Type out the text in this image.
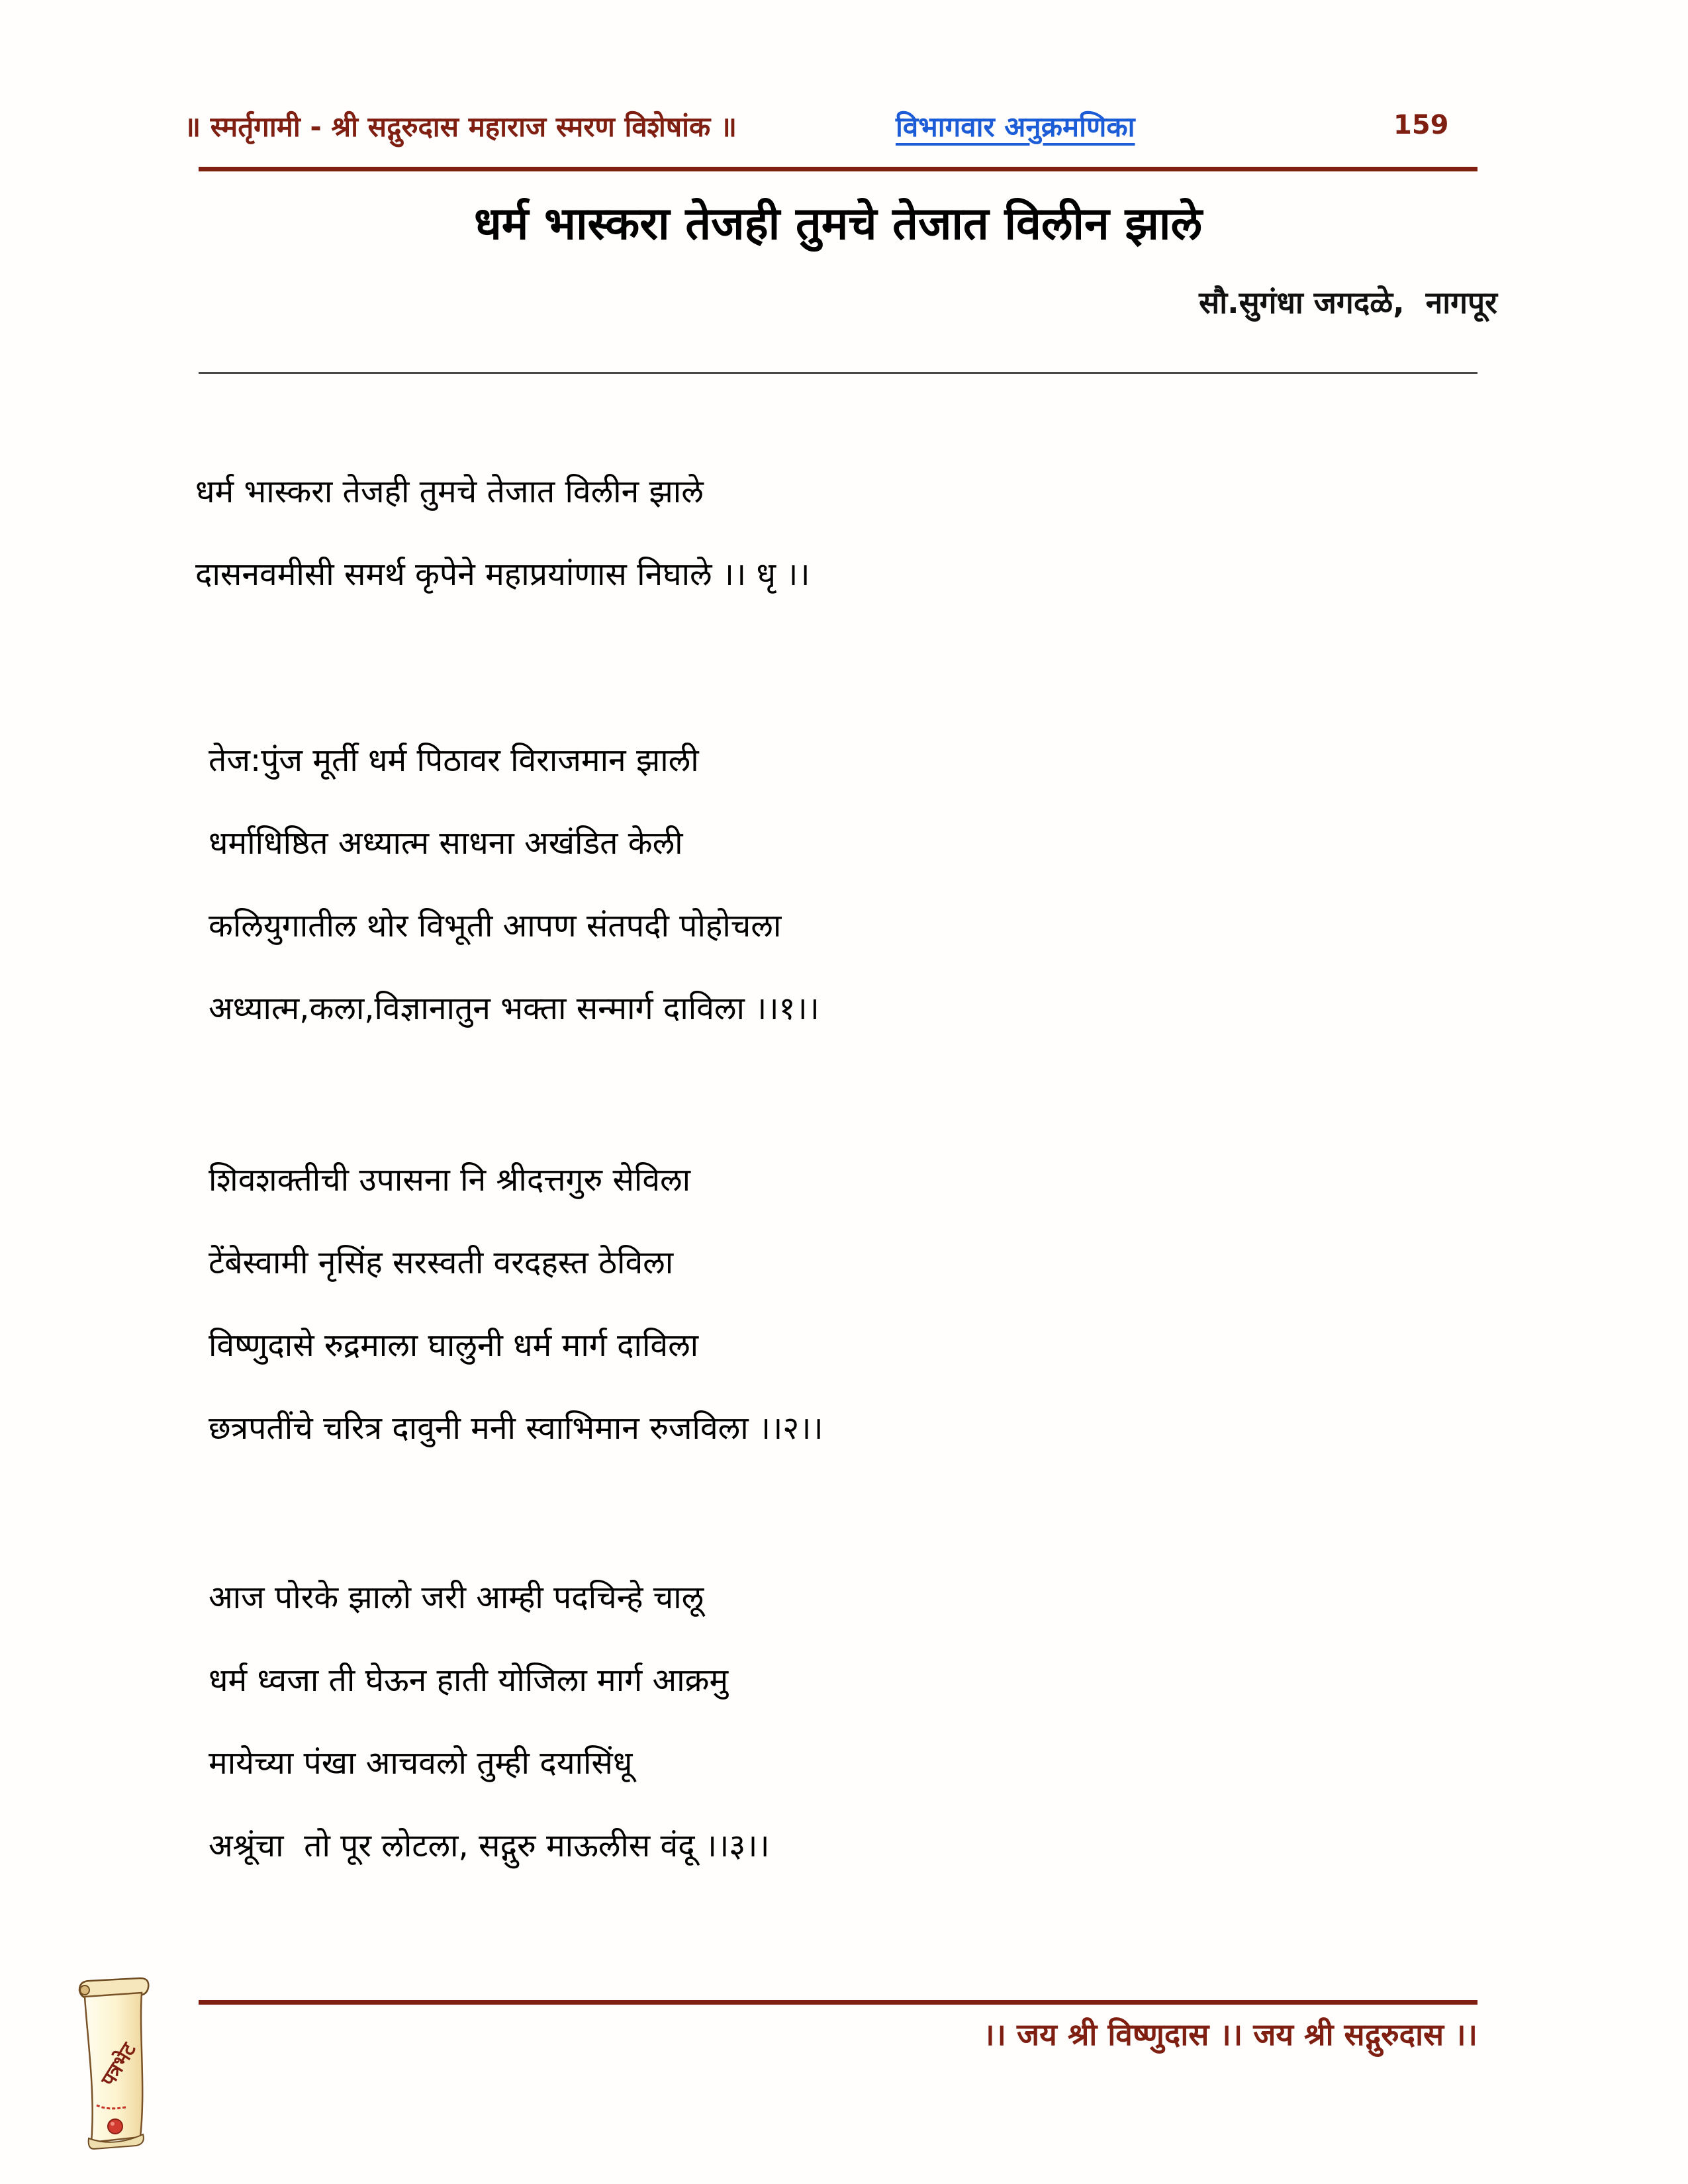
॥ स्मर्तृगामी - श्री सद्गुरुदास महाराज स्मरण विशेषांक ॥	विभागवार अनुक्रमणिका	159
धर्म भास्करा तेजही तुमचे तेजात विलीन झाले
सौ.सुगंधा जगदळे,  नागपूर
धर्म भास्करा तेजही तुमचे तेजात विलीन झाले
दासनवमीसी समर्थ कृपेने महाप्रयांणास निघाले ।। धृ ।।
तेज:पुंज मूर्ती धर्म पिठावर विराजमान झाली
धर्माधिष्ठित अध्यात्म साधना अखंडित केली
कलियुगातील थोर विभूती आपण संतपदी पोहोचला
अध्यात्म,कला,विज्ञानातुन भक्ता सन्मार्ग दाविला ।।१।।
शिवशक्तीची उपासना नि श्रीदत्तगुरु सेविला
टेंबेस्वामी नृसिंह सरस्वती वरदहस्त ठेविला
विष्णुदासे रुद्रमाला घालुनी धर्म मार्ग दाविला
छत्रपतींचे चरित्र दावुनी मनी स्वाभिमान रुजविला ।।२।।
आज पोरके झालो जरी आम्ही पदचिन्हे चालू
धर्म ध्वजा ती घेऊन हाती योजिला मार्ग आक्रमु
मायेच्या पंखा आचवलो तुम्ही दयासिंधू
अश्रूंचा  तो पूर लोटला, सद्गुरु माऊलीस वंदू ।।३।।
।। जय श्री विष्णुदास ।। जय श्री सद्गुरुदास ।।
पत्रभेट
